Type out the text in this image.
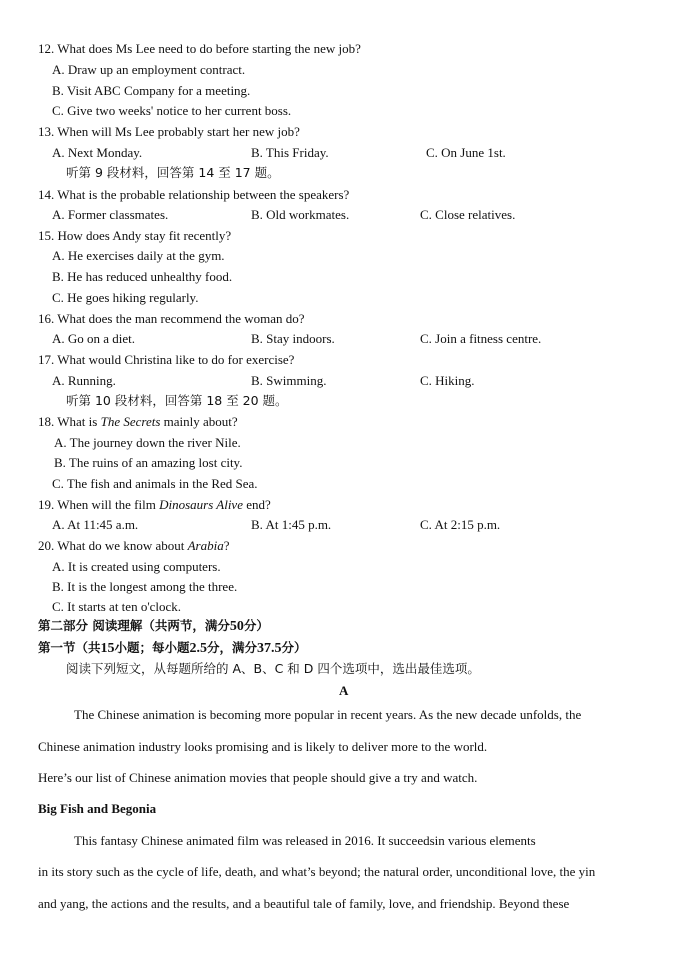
12. What does Ms Lee need to do before starting the new job?
A. Draw up an employment contract.
B. Visit ABC Company for a meeting.
C. Give two weeks' notice to her current boss.
13. When will Ms Lee probably start her new job?
A. Next Monday.	B. This Friday.	C. On June 1st.
听第 9 段材料，回答第 14 至 17 题。
14. What is the probable relationship between the speakers?
A. Former classmates.	B. Old workmates.	C. Close relatives.
15. How does Andy stay fit recently?
A. He exercises daily at the gym.
B. He has reduced unhealthy food.
C. He goes hiking regularly.
16. What does the man recommend the woman do?
A. Go on a diet.	B. Stay indoors.	C. Join a fitness centre.
17. What would Christina like to do for exercise?
A. Running.	B. Swimming.	C. Hiking.
听第 10 段材料，回答第 18 至 20 题。
18. What is The Secrets mainly about?
A. The journey down the river Nile.
B. The ruins of an amazing lost city.
C. The fish and animals in the Red Sea.
19. When will the film Dinosaurs Alive end?
A. At 11:45 a.m.	B. At 1:45 p.m.	C. At 2:15 p.m.
20. What do we know about Arabia?
A. It is created using computers.
B. It is the longest among the three.
C. It starts at ten o'clock.
第二部分 阅读理解（共两节，满分50分）
第一节（共15小题；每小题2.5分，满分37.5分）
阅读下列短文，从每题所给的 A、B、C 和 D 四个选项中，选出最佳选项。
A
The Chinese animation is becoming more popular in recent years. As the new decade unfolds, the
Chinese animation industry looks promising and is likely to deliver more to the world.
Here’s our list of Chinese animation movies that people should give a try and watch.
Big Fish and Begonia
This fantasy Chinese animated film was released in 2016. It succeedsin various elements
in its story such as the cycle of life, death, and what’s beyond; the natural order, unconditional love, the yin
and yang, the actions and the results, and a beautiful tale of family, love, and friendship. Beyond these
